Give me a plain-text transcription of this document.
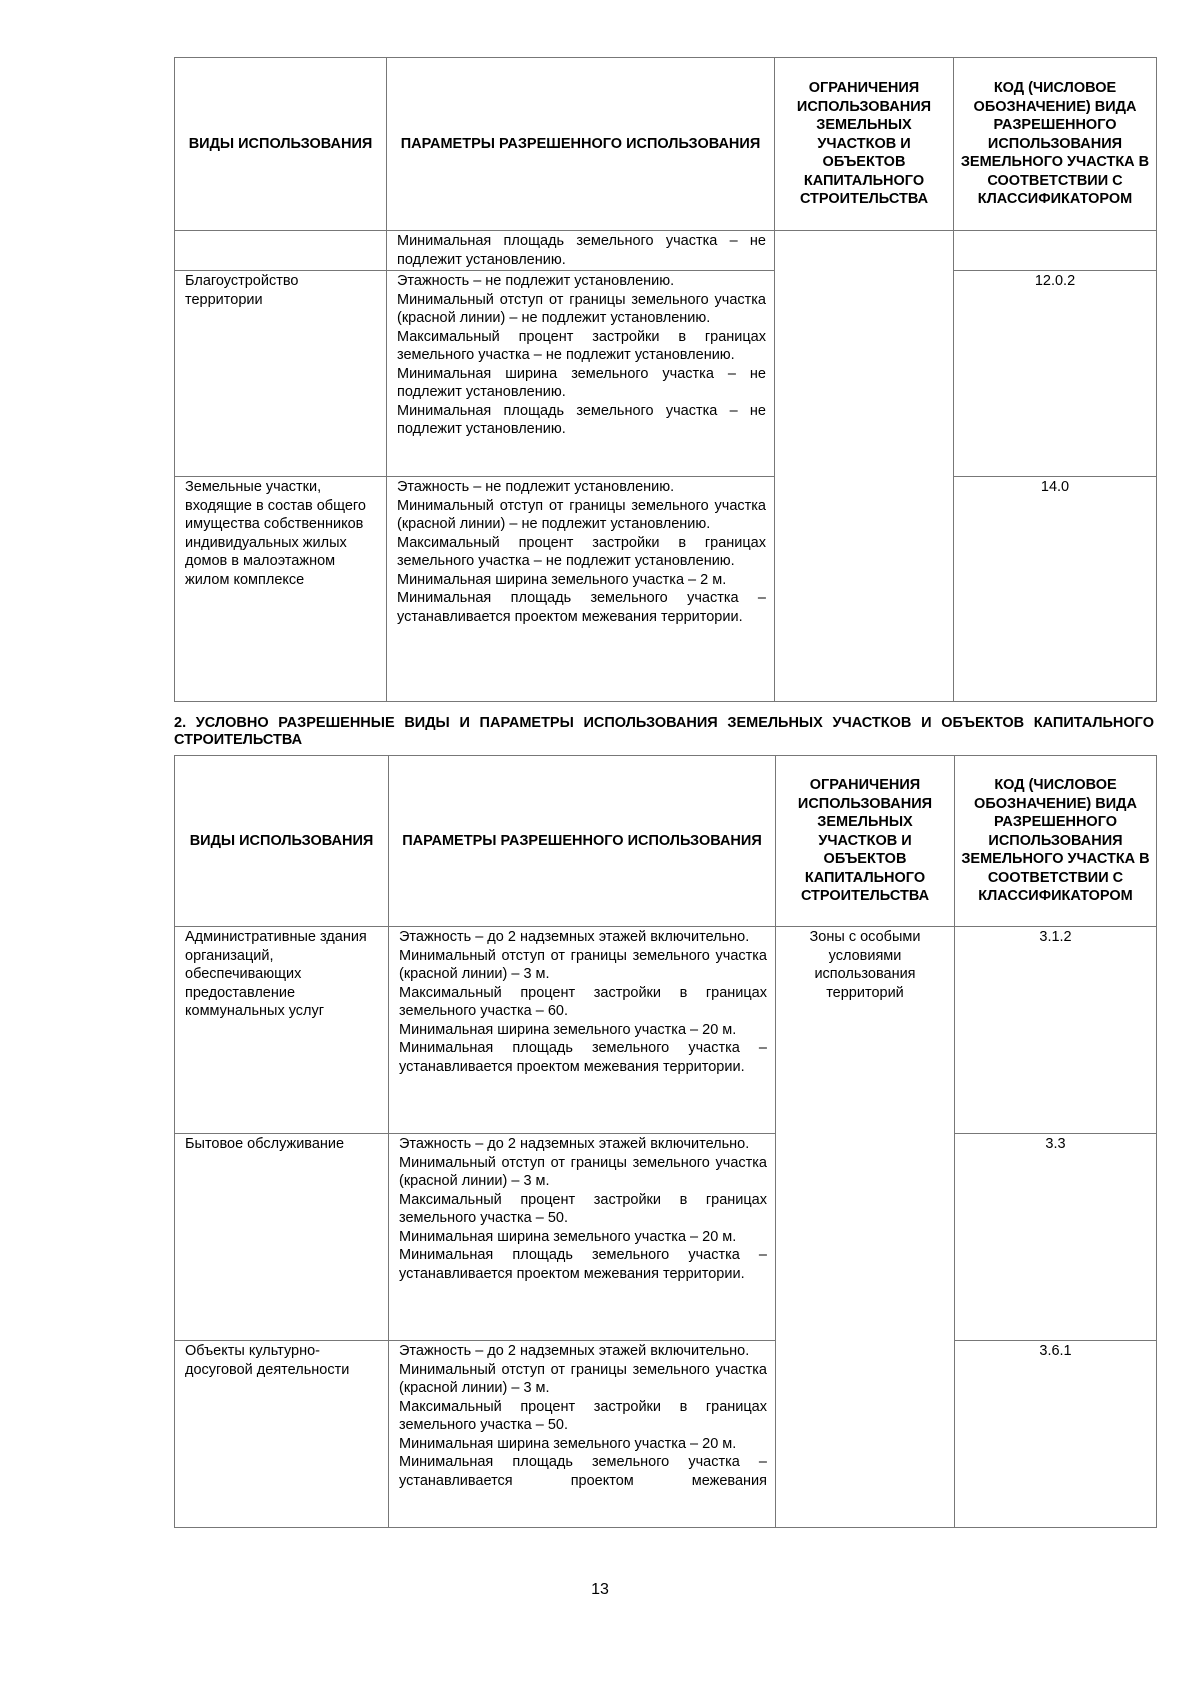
ВИДЫ ИСПОЛЬЗОВАНИЯ	ПАРАМЕТРЫ РАЗРЕШЕННОГО ИСПОЛЬЗОВАНИЯ	ОГРАНИЧЕНИЯ ИСПОЛЬЗОВАНИЯ ЗЕМЕЛЬНЫХ УЧАСТКОВ И ОБЪЕКТОВ КАПИТАЛЬНОГО СТРОИТЕЛЬСТВА	КОД (ЧИСЛОВОЕ ОБОЗНАЧЕНИЕ) ВИДА РАЗРЕШЕННОГО ИСПОЛЬЗОВАНИЯ ЗЕМЕЛЬНОГО УЧАСТКА В СООТВЕТСТВИИ С КЛАССИФИКАТОРОМ

	Минимальная площадь земельного участка – не подлежит установлению.		

Благоустройство территории	Этажность – не подлежит установлению.

Минимальный отступ от границы земельного участка (красной линии) – не подлежит установлению.

Максимальный процент застройки в границах земельного участка – не подлежит установлению.

Минимальная ширина земельного участка – не подлежит установлению.

Минимальная площадь земельного участка – не подлежит установлению.		12.0.2
Земельные участки, входящие в состав общего имущества собственников индивидуальных жилых домов в малоэтажном жилом комплексе	Этажность – не подлежит установлению.

Минимальный отступ от границы земельного участка (красной линии) – не подлежит установлению.

Максимальный процент застройки в границах земельного участка – не подлежит установлению.

Минимальная ширина земельного участка – 2 м.

Минимальная площадь земельного участка – устанавливается проектом межевания территории.		14.0
2. УСЛОВНО РАЗРЕШЕННЫЕ ВИДЫ И ПАРАМЕТРЫ ИСПОЛЬЗОВАНИЯ ЗЕМЕЛЬНЫХ УЧАСТКОВ И ОБЪЕКТОВ КАПИТАЛЬНОГО СТРОИТЕЛЬСТВА
ВИДЫ ИСПОЛЬЗОВАНИЯ	ПАРАМЕТРЫ РАЗРЕШЕННОГО ИСПОЛЬЗОВАНИЯ	ОГРАНИЧЕНИЯ ИСПОЛЬЗОВАНИЯ ЗЕМЕЛЬНЫХ УЧАСТКОВ И ОБЪЕКТОВ КАПИТАЛЬНОГО СТРОИТЕЛЬСТВА	КОД (ЧИСЛОВОЕ ОБОЗНАЧЕНИЕ) ВИДА РАЗРЕШЕННОГО ИСПОЛЬЗОВАНИЯ ЗЕМЕЛЬНОГО УЧАСТКА В СООТВЕТСТВИИ С КЛАССИФИКАТОРОМ
Административные здания организаций, обеспечивающих предоставление коммунальных услуг	Этажность – до 2 надземных этажей включительно.

Минимальный отступ от границы земельного участка (красной линии) – 3 м.

Максимальный процент застройки в границах земельного участка – 60.

Минимальная ширина земельного участка – 20 м.

Минимальная площадь земельного участка – устанавливается проектом межевания территории.	Зоны с особыми условиями использования территорий	3.1.2
Бытовое обслуживание	Этажность – до 2 надземных этажей включительно.

Минимальный отступ от границы земельного участка (красной линии) – 3 м.

Максимальный процент застройки в границах земельного участка – 50.

Минимальная ширина земельного участка – 20 м.

Минимальная площадь земельного участка – устанавливается проектом межевания территории.		3.3
Объекты культурно-досуговой деятельности	Этажность – до 2 надземных этажей включительно.

Минимальный отступ от границы земельного участка (красной линии) – 3 м.

Максимальный процент застройки в границах земельного участка – 50.

Минимальная ширина земельного участка – 20 м.

Минимальная площадь земельного участка – устанавливается проектом межевания		3.6.1
13
